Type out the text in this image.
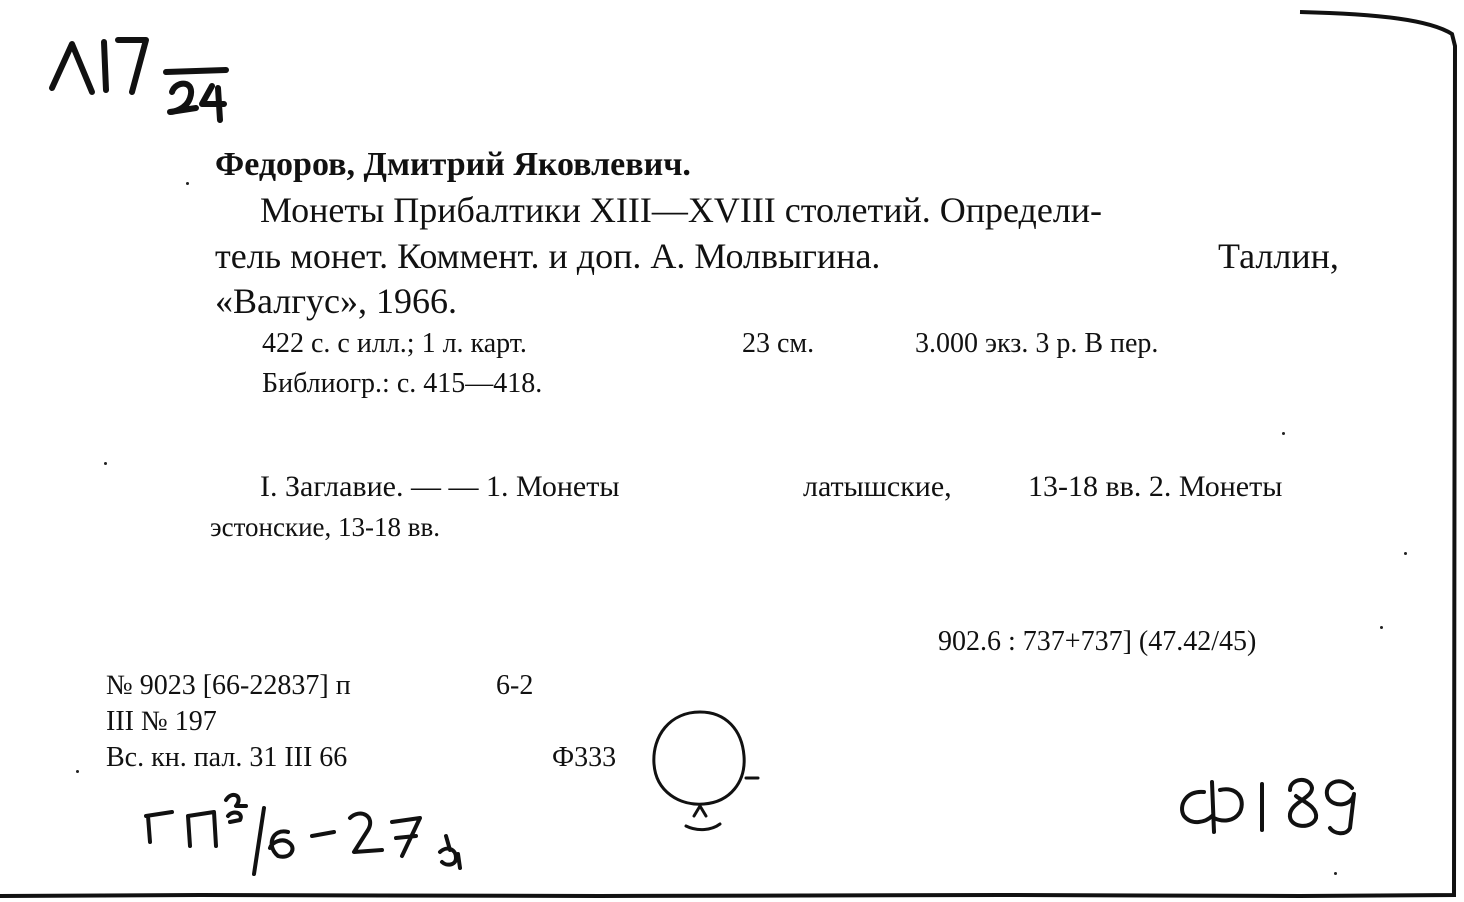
Федоров, Дмитрий Яковлевич.
Монеты Прибалтики XIII—XVIII столетий. Определи-
тель монет. Коммент. и доп. А. Молвыгина.	Таллин,
«Валгус», 1966.
422 с. с илл.; 1 л. карт.	23 см.	3.000 экз. 3 р. В пер.
Библиогр.: с. 415—418.
I. Заглавие. — — 1. Монеты	латышские,	13-18 вв. 2. Монеты
эстонские, 13-18 вв.
902.6 : 737+737] (47.42/45)
№ 9023 [66-22837] п	6-2
III № 197
Вс. кн. пал. 31 III 66	Ф333
